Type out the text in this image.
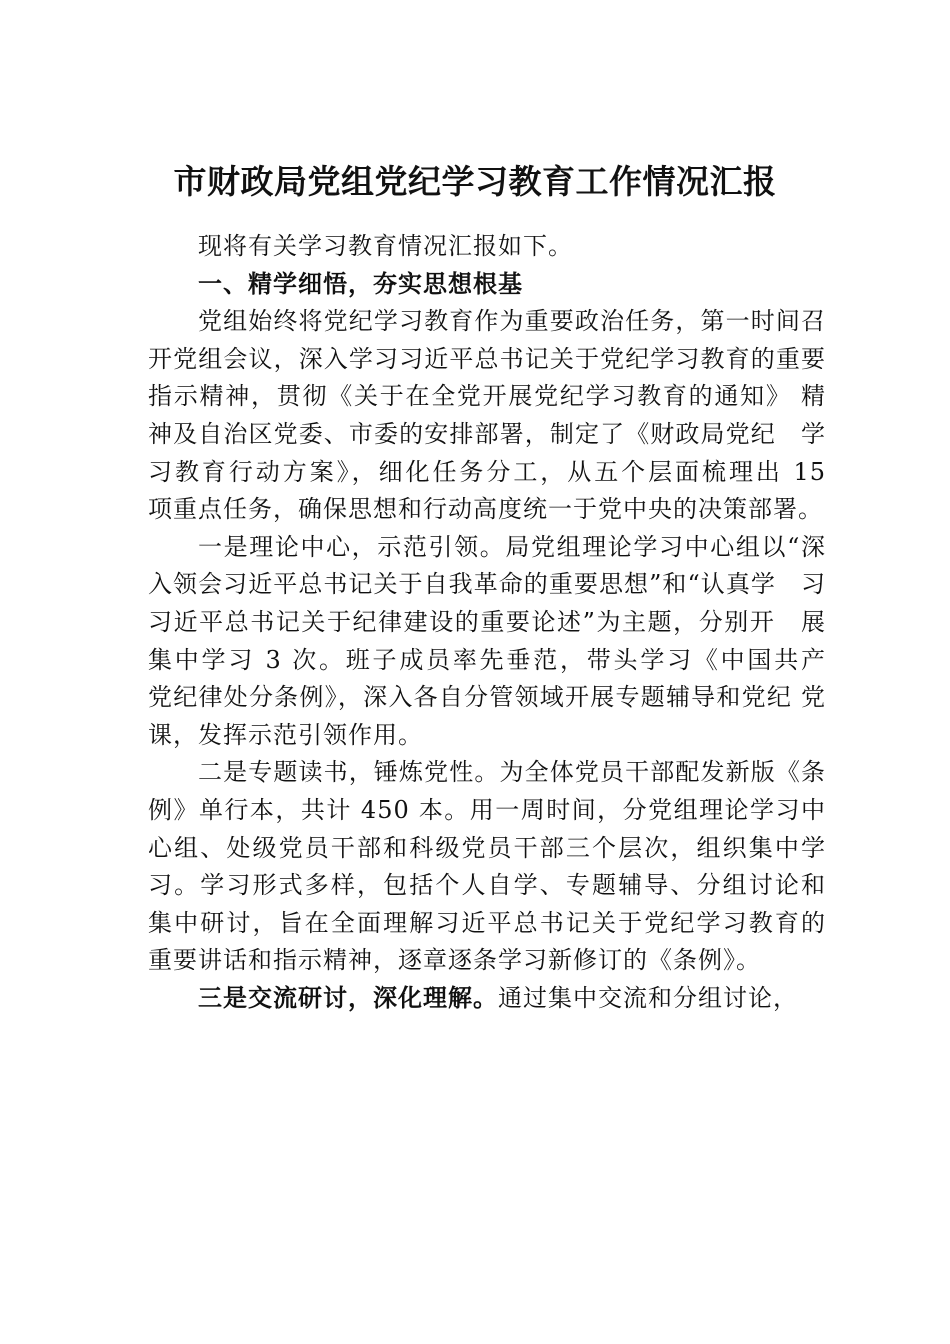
市财政局党组党纪学习教育工作情况汇报

现将有关学习教育情况汇报如下。

一、精学细悟，夯实思想根基

党组始终将党纪学习教育作为重要政治任务，第一时间召开党组会议，深入学习习近平总书记关于党纪学习教育的重要指示精神，贯彻《关于在全党开展党纪学习教育的通知》 精神及自治区党委、市委的安排部署，制定了《财政局党纪　学习教育行动方案》，细化任务分工，从五个层面梳理出 15　项重点任务，确保思想和行动高度统一于党中央的决策部署。

一是理论中心，示范引领。局党组理论学习中心组以“深　入领会习近平总书记关于自我革命的重要思想”和“认真学　习习近平总书记关于纪律建设的重要论述”为主题，分别开　展集中学习 3 次。班子成员率先垂范，带头学习《中国共产　党纪律处分条例》，深入各自分管领域开展专题辅导和党纪 党课，发挥示范引领作用。

二是专题读书，锤炼党性。为全体党员干部配发新版《条例》单行本，共计 450 本。用一周时间，分党组理论学习中　心组、处级党员干部和科级党员干部三个层次，组织集中学　习。学习形式多样，包括个人自学、专题辅导、分组讨论和　集中研讨，旨在全面理解习近平总书记关于党纪学习教育的 重要讲话和指示精神，逐章逐条学习新修订的《条例》。

三是交流研讨，深化理解。通过集中交流和分组讨论，
